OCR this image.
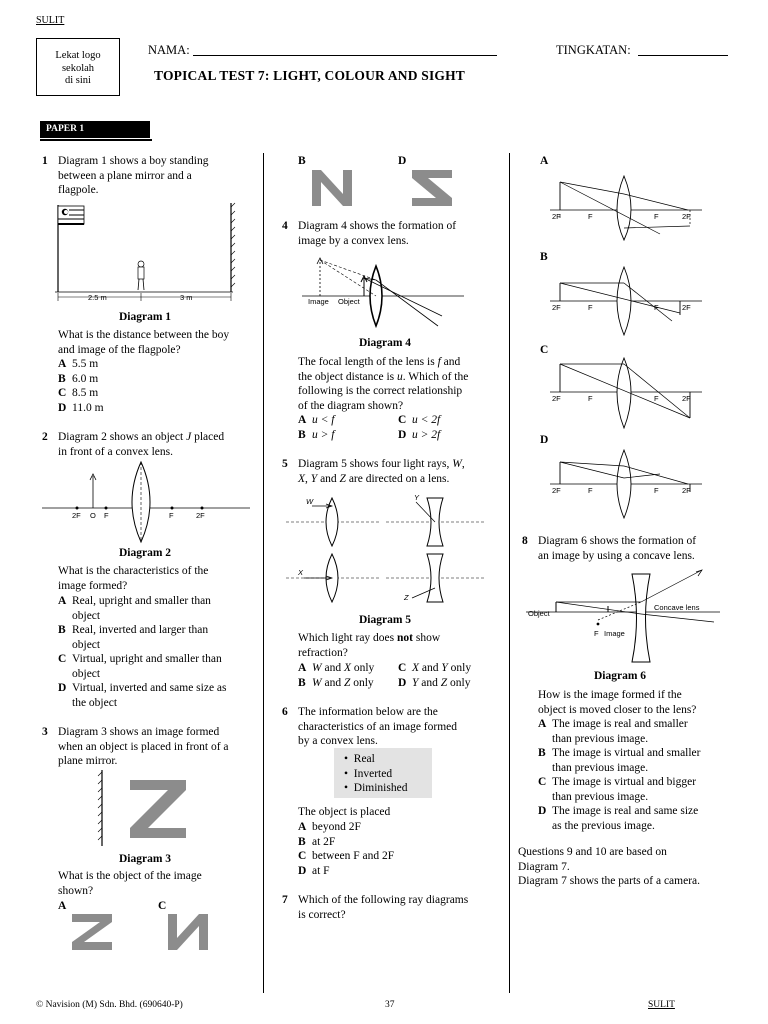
SULIT
Lekat logo
sekolah
di sini
NAMA:	TINGKATAN:
TOPICAL TEST 7: LIGHT, COLOUR AND SIGHT
PAPER 1
1 Diagram 1 shows a boy standing
between a plane mirror and a
flagpole.
2.5 m	3 m
Diagram 1
What is the distance between the boy
and image of the flagpole?
A 5.5 m
B 6.0 m
C 8.5 m
D 11.0 m
2 Diagram 2 shows an object J placed
in front of a convex lens.
2F O F	F	2F
Diagram 2
What is the characteristics of the
image formed?
A Real, upright and smaller than
object
B Real, inverted and larger than
object
C Virtual, upright and smaller than
object
D Virtual, inverted and same size as
the object
3 Diagram 3 shows an image formed
when an object is placed in front of a
plane mirror.
Diagram 3
What is the object of the image
shown?
A	C
B	D
4 Diagram 4 shows the formation of
image by a convex lens.
Image Object
Diagram 4
The focal length of the lens is f and
the object distance is u. Which of the
following is the correct relationship
of the diagram shown?
A u < f	C u < 2f
B u > f	D u > 2f
5 Diagram 5 shows four light rays, W,
X, Y and Z are directed on a lens.
W	Y
X
Z
Diagram 5
Which light ray does not show
refraction?
A W and X only C X and Y only
B W and Z only D Y and Z only
6 The information below are the
characteristics of an image formed
by a convex lens.
•  Real
•  Inverted
•  Diminished
The object is placed
A beyond 2F
B at 2F
C between F and 2F
D at F
7 Which of the following ray diagrams
is correct?
A
2F	F	F	2F
B
2F	F	F	2F
C
2F	F	F	2F
D
2F	F	F	2F
8 Diagram 6 shows the formation of
an image by using a concave lens.
Object
Concave lens
F Image
Diagram 6
How is the image formed if the
object is moved closer to the lens?
A The image is real and smaller
than previous image.
B The image is virtual and smaller
than previous image.
C The image is virtual and bigger
than previous image.
D The image is real and same size
as the previous image.
Questions 9 and 10 are based on
Diagram 7.
Diagram 7 shows the parts of a camera.
© Navision (M) Sdn. Bhd. (690640-P)	37	SULIT
